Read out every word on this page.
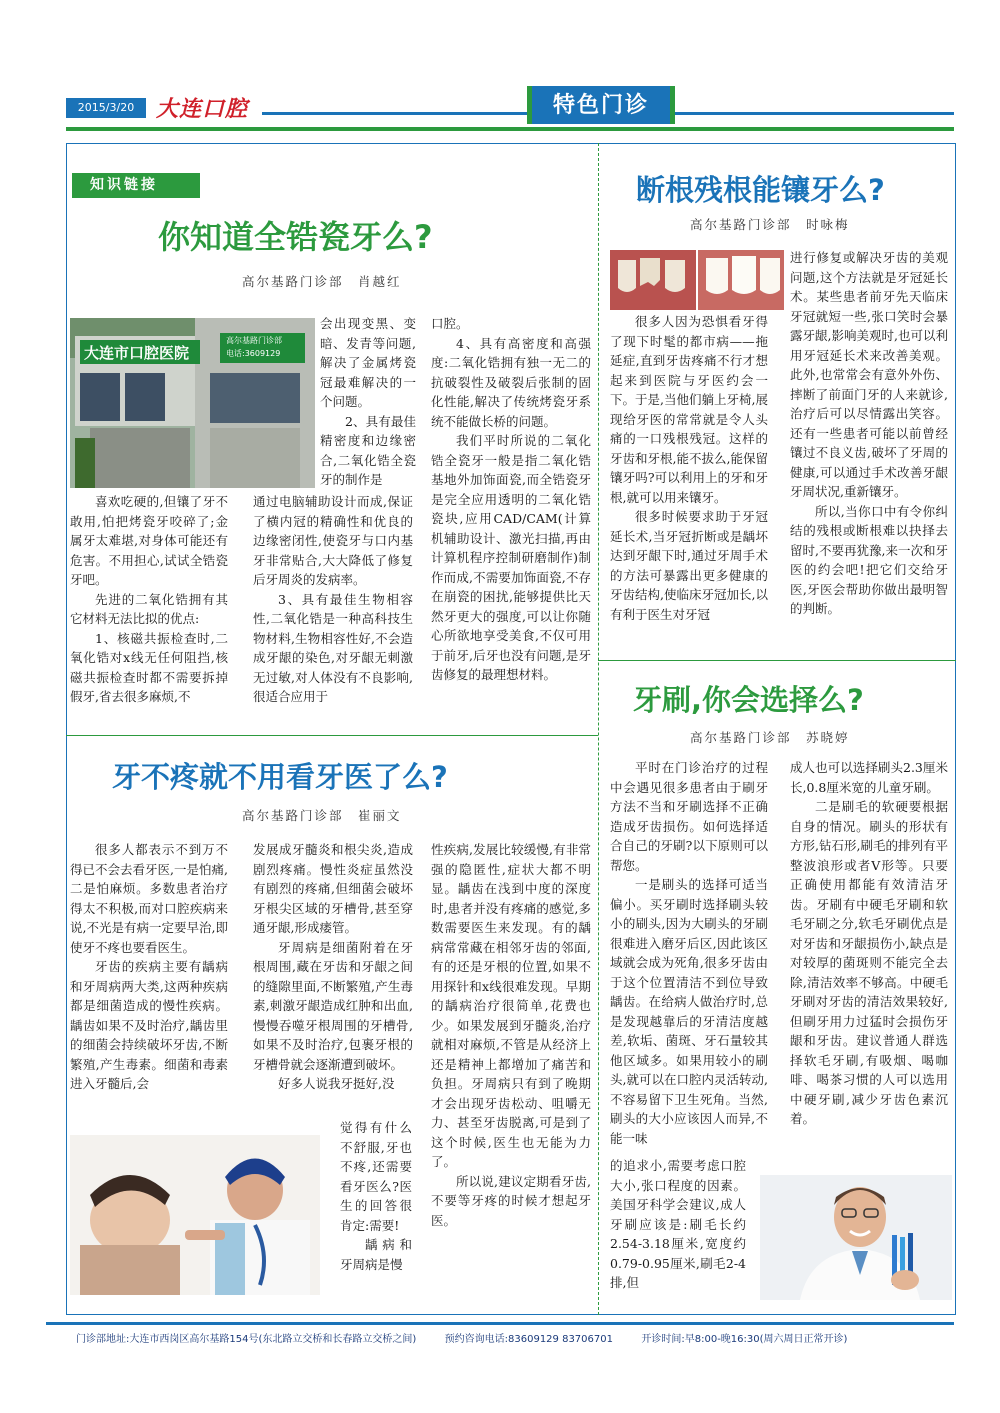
2015/3/20 大连口腔	特色门诊
知识链接
你知道全锆瓷牙么?
高尔基路门诊部　肖越红
大连市口腔医院
高尔基路门诊部
电话:3609129

喜欢吃硬的,但镶了牙不敢用,怕把烤瓷牙咬碎了;金属牙太难堪,对身体可能还有危害。不用担心,试试全锆瓷牙吧。

先进的二氧化锆拥有其它材料无法比拟的优点:

1、核磁共振检查时,二氧化锆对x线无任何阻挡,核磁共振检查时都不需要拆掉假牙,省去很多麻烦,不

会出现变黑、变暗、发青等问题,解决了金属烤瓷冠最难解决的一个问题。

2、具有最佳精密度和边缘密合,二氧化锆全瓷牙的制作是

通过电脑辅助设计而成,保证了横内冠的精确性和优良的边缘密闭性,使瓷牙与口内基牙非常贴合,大大降低了修复后牙周炎的发病率。

3、具有最佳生物相容性,二氧化锆是一种高科技生物材料,生物相容性好,不会造成牙龈的染色,对牙龈无刺激无过敏,对人体没有不良影响,很适合应用于

口腔。

4、具有高密度和高强度:二氧化锆拥有独一无二的抗破裂性及破裂后张制的固化性能,解决了传统烤瓷牙系统不能做长桥的问题。

我们平时所说的二氧化锆全瓷牙一般是指二氧化锆基地外加饰面瓷,而全锆瓷牙是完全应用透明的二氧化锆瓷块,应用CAD/CAM(计算机辅助设计、激光扫描,再由计算机程序控制研磨制作)制作而成,不需要加饰面瓷,不存在崩瓷的困扰,能够提供比天然牙更大的强度,可以让你随心所欲地享受美食,不仅可用于前牙,后牙也没有问题,是牙齿修复的最理想材料。

牙不疼就不用看牙医了么?
高尔基路门诊部　崔丽文

很多人都表示不到万不得已不会去看牙医,一是怕痛,二是怕麻烦。多数患者治疗得太不积极,而对口腔疾病来说,不光是有病一定要早治,即使牙不疼也要看医生。

牙齿的疾病主要有龋病和牙周病两大类,这两种疾病都是细菌造成的慢性疾病。龋齿如果不及时治疗,龋齿里的细菌会持续破坏牙齿,不断繁殖,产生毒素。细菌和毒素进入牙髓后,会

发展成牙髓炎和根尖炎,造成剧烈疼痛。慢性炎症虽然没有剧烈的疼痛,但细菌会破坏牙根尖区域的牙槽骨,甚至穿通牙龈,形成瘘管。

牙周病是细菌附着在牙根周围,藏在牙齿和牙龈之间的缝隙里面,不断繁殖,产生毒素,刺激牙龈造成红肿和出血,慢慢吞噬牙根周围的牙槽骨,如果不及时治疗,包裹牙根的牙槽骨就会逐渐遭到破坏。

好多人说我牙挺好,没

觉得有什么不舒服,牙也不疼,还需要看牙医么?医生的回答很肯定:需要!

龋病和牙周病是慢

性疾病,发展比较缓慢,有非常强的隐匿性,症状大都不明显。龋齿在浅到中度的深度时,患者并没有疼痛的感觉,多数需要医生来发现。有的龋病常常藏在相邻牙齿的邻面,有的还是牙根的位置,如果不用探针和x线很难发现。早期的龋病治疗很简单,花费也少。如果发展到牙髓炎,治疗就相对麻烦,不管是从经济上还是精神上都增加了痛苦和负担。牙周病只有到了晚期才会出现牙齿松动、咀嚼无力、甚至牙齿脱离,可是到了这个时候,医生也无能为力了。

所以说,建议定期看牙齿,不要等牙疼的时候才想起牙医。

断根残根能镶牙么?
高尔基路门诊部　时咏梅

很多人因为恐惧看牙得了现下时髦的都市病——拖延症,直到牙齿疼痛不行才想起来到医院与牙医约会一下。于是,当他们躺上牙椅,展现给牙医的常常就是令人头痛的一口残根残冠。这样的牙齿和牙根,能不拔么,能保留镶牙吗?可以利用上的牙和牙根,就可以用来镶牙。

很多时候要求助于牙冠延长术,当牙冠折断或是龋坏达到牙龈下时,通过牙周手术的方法可暴露出更多健康的牙齿结构,使临床牙冠加长,以有利于医生对牙冠

进行修复或解决牙齿的美观问题,这个方法就是牙冠延长术。某些患者前牙先天临床牙冠就短一些,张口笑时会暴露牙龈,影响美观时,也可以利用牙冠延长术来改善美观。此外,也常常会有意外外伤、摔断了前面门牙的人来就诊,治疗后可以尽情露出笑容。还有一些患者可能以前曾经镶过不良义齿,破坏了牙周的健康,可以通过手术改善牙龈牙周状况,重新镶牙。

所以,当你口中有令你纠结的残根或断根难以抉择去留时,不要再犹豫,来一次和牙医的约会吧!把它们交给牙医,牙医会帮助你做出最明智的判断。

牙刷,你会选择么?
高尔基路门诊部　苏晓婷

平时在门诊治疗的过程中会遇见很多患者由于刷牙方法不当和牙刷选择不正确造成牙齿损伤。如何选择适合自己的牙刷?以下原则可以帮您。

一是刷头的选择可适当偏小。买牙刷时选择刷头较小的刷头,因为大刷头的牙刷很难进入磨牙后区,因此该区域就会成为死角,很多牙齿由于这个位置清洁不到位导致龋齿。在给病人做治疗时,总是发现越靠后的牙清洁度越差,软垢、菌斑、牙石量较其他区域多。如果用较小的刷头,就可以在口腔内灵活转动,不容易留下卫生死角。当然,刷头的大小应该因人而异,不能一味

的追求小,需要考虑口腔大小,张口程度的因素。美国牙科学会建议,成人牙刷应该是:刷毛长约2.54-3.18厘米,宽度约0.79-0.95厘米,刷毛2-4排,但

成人也可以选择刷头2.3厘米长,0.8厘米宽的儿童牙刷。

二是刷毛的软硬要根据自身的情况。刷头的形状有方形,钻石形,刷毛的排列有平整波浪形或者V形等。只要正确使用都能有效清洁牙齿。牙刷有中硬毛牙刷和软毛牙刷之分,软毛牙刷优点是对牙齿和牙龈损伤小,缺点是对较厚的菌斑则不能完全去除,清洁效率不够高。中硬毛牙刷对牙齿的清洁效果较好,但刷牙用力过猛时会损伤牙龈和牙齿。建议普通人群选择软毛牙刷,有吸烟、喝咖啡、喝茶习惯的人可以选用中硬牙刷,减少牙齿色素沉着。

门诊部地址:大连市西岗区高尔基路154号(东北路立交桥和长春路立交桥之间)	预约咨询电话:83609129 83706701	开诊时间:早8:00-晚16:30(周六周日正常开诊)
